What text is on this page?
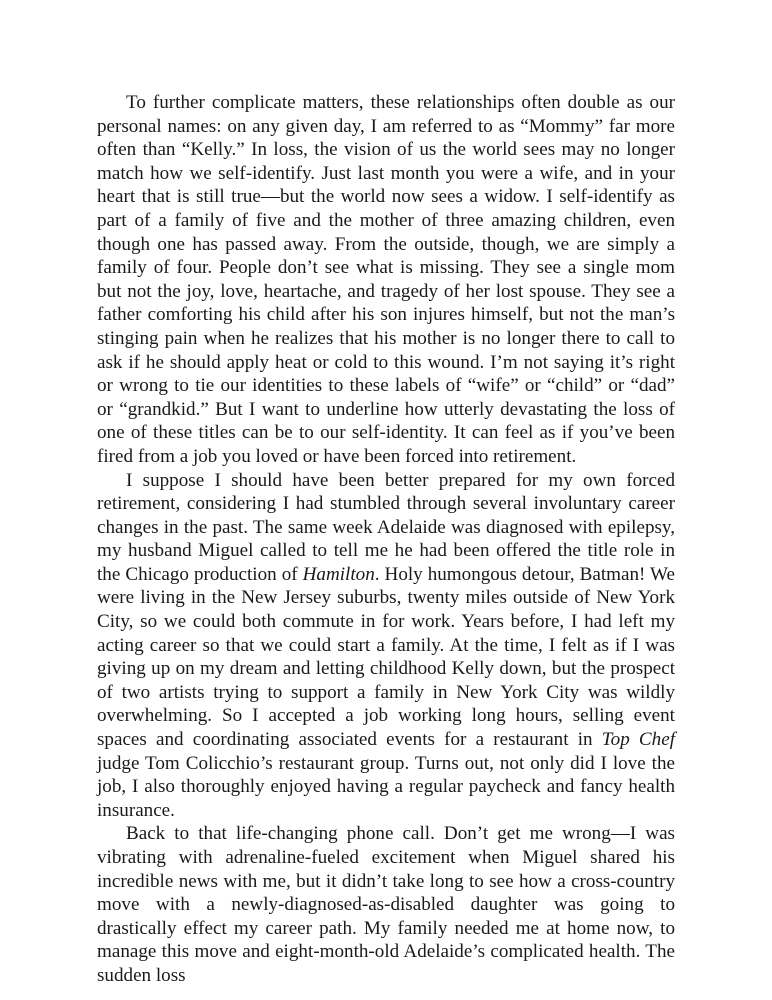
To further complicate matters, these relationships often double as our personal names: on any given day, I am referred to as “Mommy” far more often than “Kelly.” In loss, the vision of us the world sees may no longer match how we self-identify. Just last month you were a wife, and in your heart that is still true—but the world now sees a widow. I self-identify as part of a family of five and the mother of three amazing children, even though one has passed away. From the outside, though, we are simply a family of four. People don’t see what is missing. They see a single mom but not the joy, love, heartache, and tragedy of her lost spouse. They see a father comforting his child after his son injures himself, but not the man’s stinging pain when he realizes that his mother is no longer there to call to ask if he should apply heat or cold to this wound. I’m not saying it’s right or wrong to tie our identities to these labels of “wife” or “child” or “dad” or “grandkid.” But I want to underline how utterly devastating the loss of one of these titles can be to our self-identity. It can feel as if you’ve been fired from a job you loved or have been forced into retirement.

I suppose I should have been better prepared for my own forced retirement, considering I had stumbled through several involuntary career changes in the past. The same week Adelaide was diagnosed with epilepsy, my husband Miguel called to tell me he had been offered the title role in the Chicago production of Hamilton. Holy humongous detour, Batman! We were living in the New Jersey suburbs, twenty miles outside of New York City, so we could both commute in for work. Years before, I had left my acting career so that we could start a family. At the time, I felt as if I was giving up on my dream and letting childhood Kelly down, but the prospect of two artists trying to support a family in New York City was wildly overwhelming. So I accepted a job working long hours, selling event spaces and coordinating associated events for a restaurant in Top Chef judge Tom Colicchio’s restaurant group. Turns out, not only did I love the job, I also thoroughly enjoyed having a regular paycheck and fancy health insurance.

Back to that life-changing phone call. Don’t get me wrong—I was vibrating with adrenaline-fueled excitement when Miguel shared his incredible news with me, but it didn’t take long to see how a cross-country move with a newly-diagnosed-as-disabled daughter was going to drastically effect my career path. My family needed me at home now, to manage this move and eight-month-old Adelaide’s complicated health. The sudden loss
